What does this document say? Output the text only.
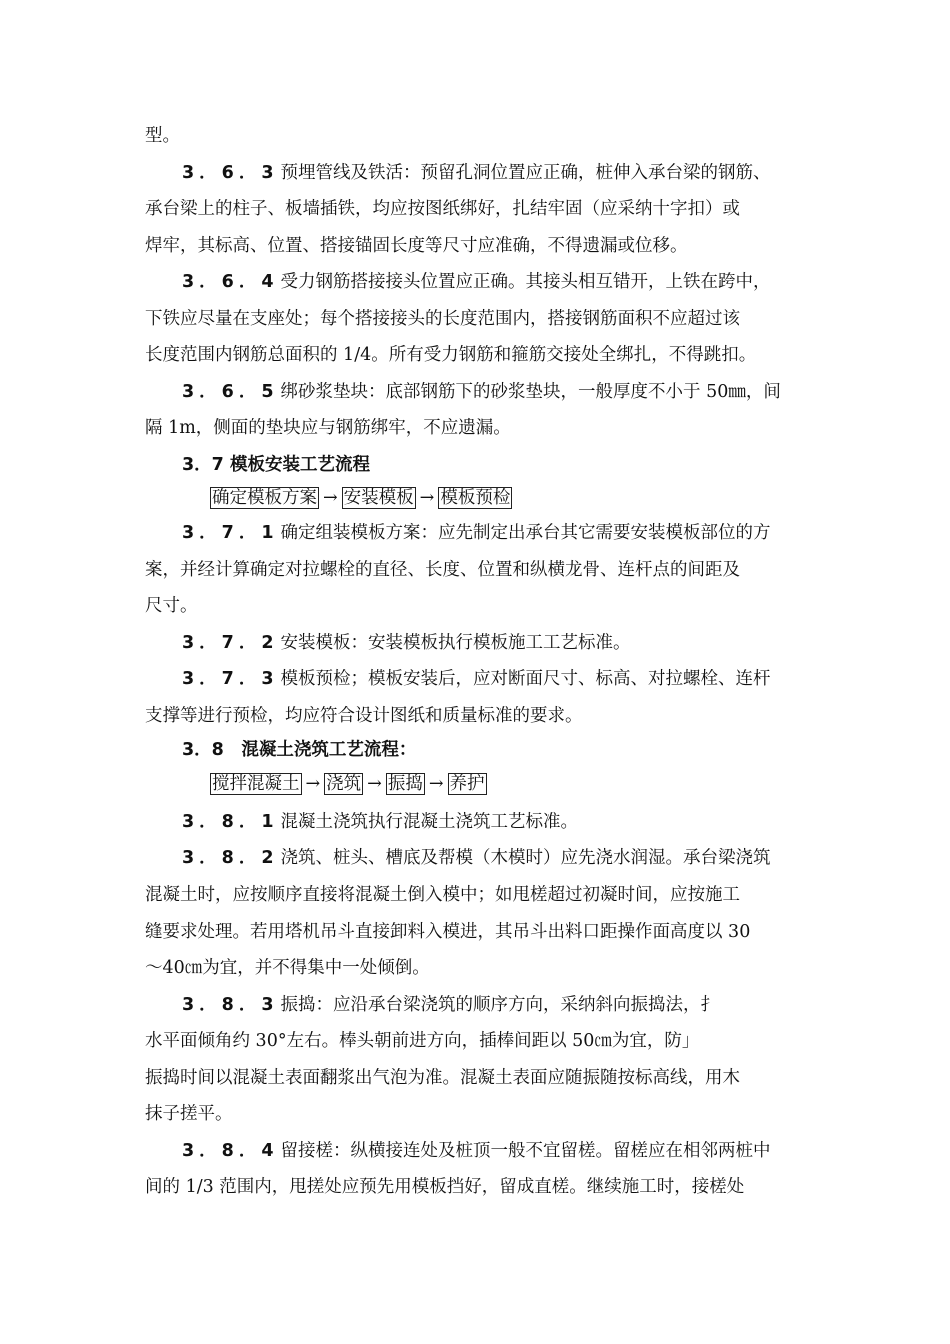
型。
3．6．3 预埋管线及铁活：预留孔洞位置应正确，桩伸入承台梁的钢筋、
承台梁上的柱子、板墙插铁，均应按图纸绑好，扎结牢固（应采纳十字扣）或
焊牢，其标高、位置、搭接锚固长度等尺寸应准确，不得遗漏或位移。
3．6．4 受力钢筋搭接接头位置应正确。其接头相互错开，上铁在跨中，
下铁应尽量在支座处；每个搭接接头的长度范围内，搭接钢筋面积不应超过该
长度范围内钢筋总面积的 1/4。所有受力钢筋和箍筋交接处全绑扎，不得跳扣。
3．6．5 绑砂浆垫块：底部钢筋下的砂浆垫块，一般厚度不小于 50㎜，间
隔 1m，侧面的垫块应与钢筋绑牢，不应遗漏。
3．7 模板安装工艺流程
确定模板方案 → 安装模板 → 模板预检
3．7．1 确定组装模板方案：应先制定出承台其它需要安装模板部位的方
案，并经计算确定对拉螺栓的直径、长度、位置和纵横龙骨、连杆点的间距及
尺寸。
3．7．2 安装模板：安装模板执行模板施工工艺标准。
3．7．3 模板预检；模板安装后，应对断面尺寸、标高、对拉螺栓、连杆
支撑等进行预检，均应符合设计图纸和质量标准的要求。
3．8　混凝土浇筑工艺流程：
搅拌混凝土 → 浇筑 → 振捣 → 养护
3．8．1 混凝土浇筑执行混凝土浇筑工艺标准。
3．8．2 浇筑、桩头、槽底及帮模（木模时）应先浇水润湿。承台梁浇筑
混凝土时，应按顺序直接将混凝土倒入模中；如甩槎超过初凝时间，应按施工
缝要求处理。若用塔机吊斗直接卸料入模进，其吊斗出料口距操作面高度以 30
～40㎝为宜，并不得集中一处倾倒。
3．8．3 振捣：应沿承台梁浇筑的顺序方向，采纳斜向振捣法，扌
水平面倾角约 30°左右。棒头朝前进方向，插棒间距以 50㎝为宜，防」
振捣时间以混凝土表面翻浆出气泡为准。混凝土表面应随振随按标高线，用木
抹子搓平。
3．8．4 留接槎：纵横接连处及桩顶一般不宜留槎。留槎应在相邻两桩中
间的 1/3 范围内，甩搓处应预先用模板挡好，留成直槎。继续施工时，接槎处
